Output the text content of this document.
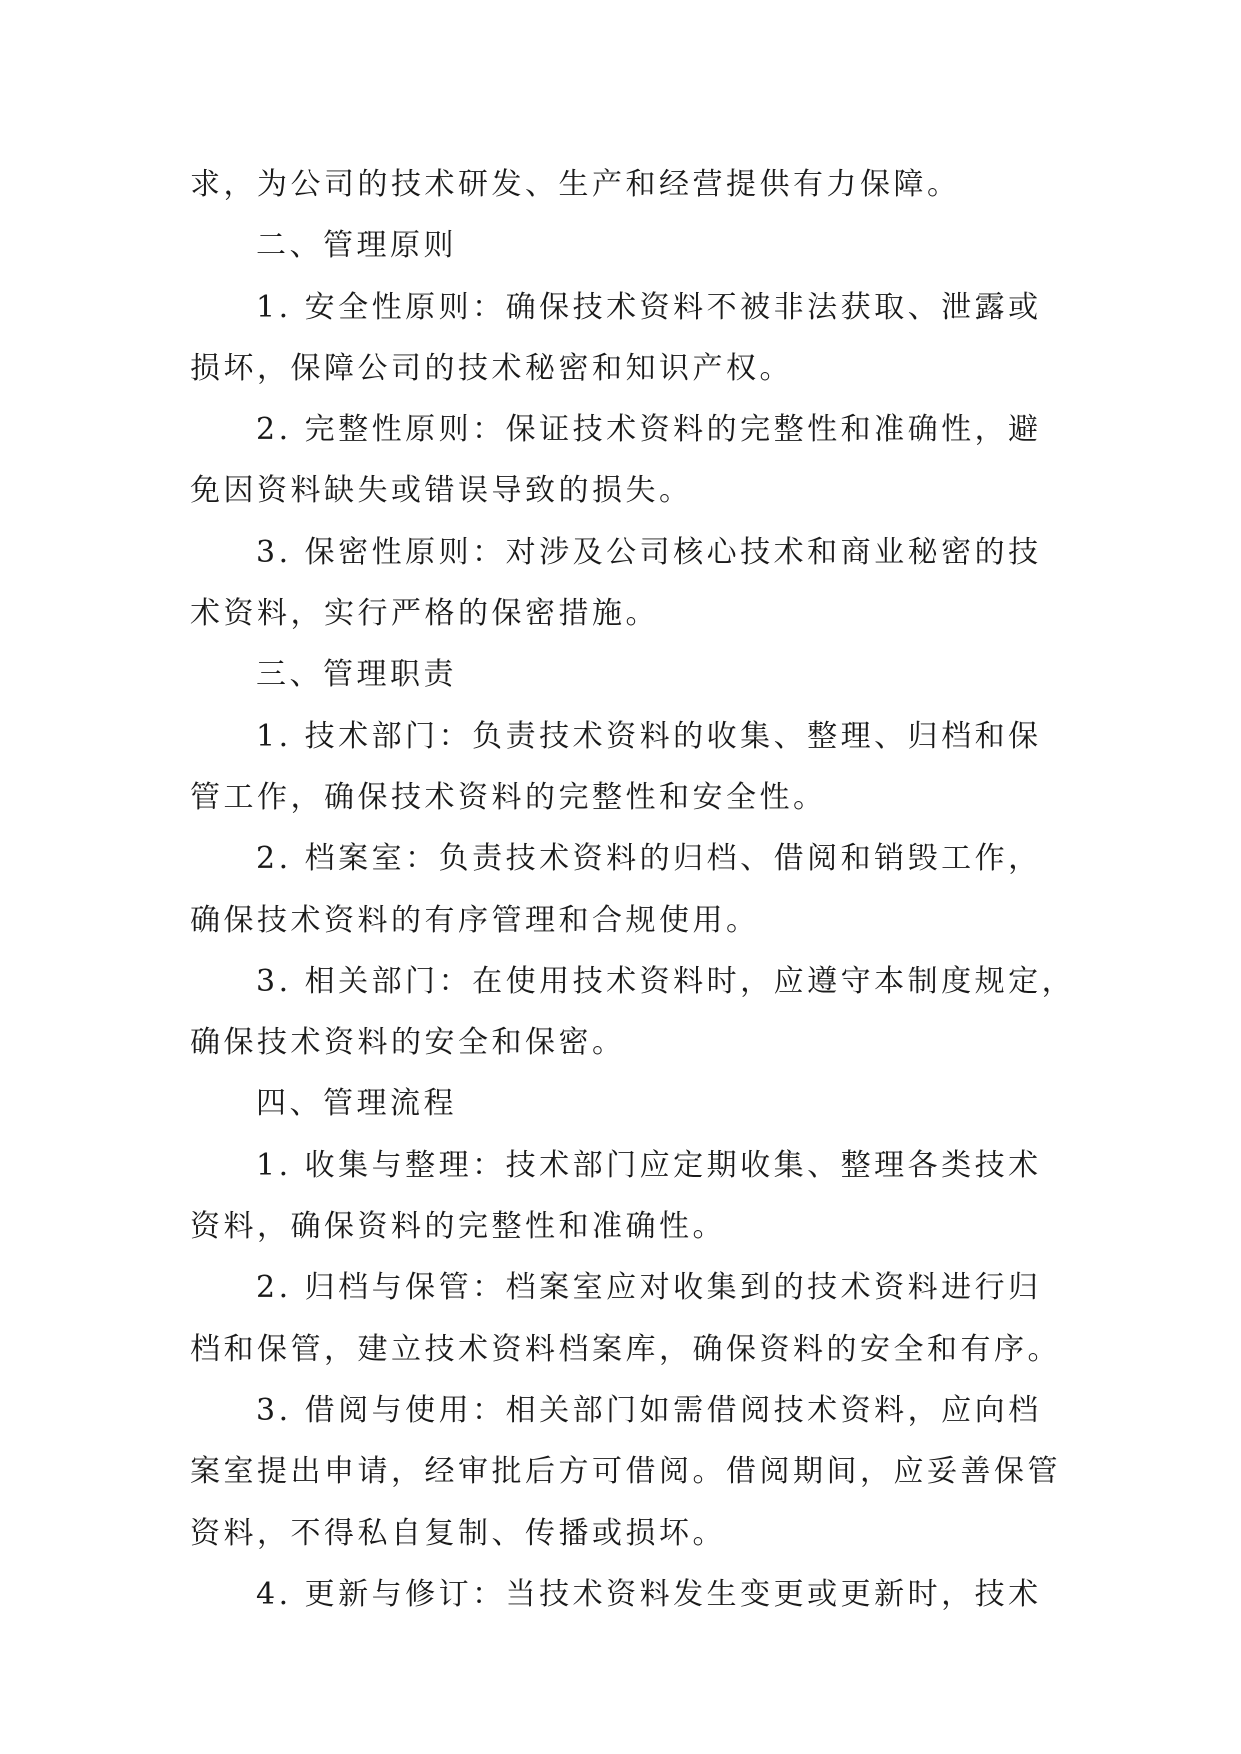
求，为公司的技术研发、生产和经营提供有力保障。
二、管理原则
1. 安全性原则：确保技术资料不被非法获取、泄露或
损坏，保障公司的技术秘密和知识产权。
2. 完整性原则：保证技术资料的完整性和准确性，避
免因资料缺失或错误导致的损失。
3. 保密性原则：对涉及公司核心技术和商业秘密的技
术资料，实行严格的保密措施。
三、管理职责
1. 技术部门：负责技术资料的收集、整理、归档和保
管工作，确保技术资料的完整性和安全性。
2. 档案室：负责技术资料的归档、借阅和销毁工作，
确保技术资料的有序管理和合规使用。
3. 相关部门：在使用技术资料时，应遵守本制度规定，
确保技术资料的安全和保密。
四、管理流程
1. 收集与整理：技术部门应定期收集、整理各类技术
资料，确保资料的完整性和准确性。
2. 归档与保管：档案室应对收集到的技术资料进行归
档和保管，建立技术资料档案库，确保资料的安全和有序。
3. 借阅与使用：相关部门如需借阅技术资料，应向档
案室提出申请，经审批后方可借阅。借阅期间，应妥善保管
资料，不得私自复制、传播或损坏。
4. 更新与修订：当技术资料发生变更或更新时，技术
